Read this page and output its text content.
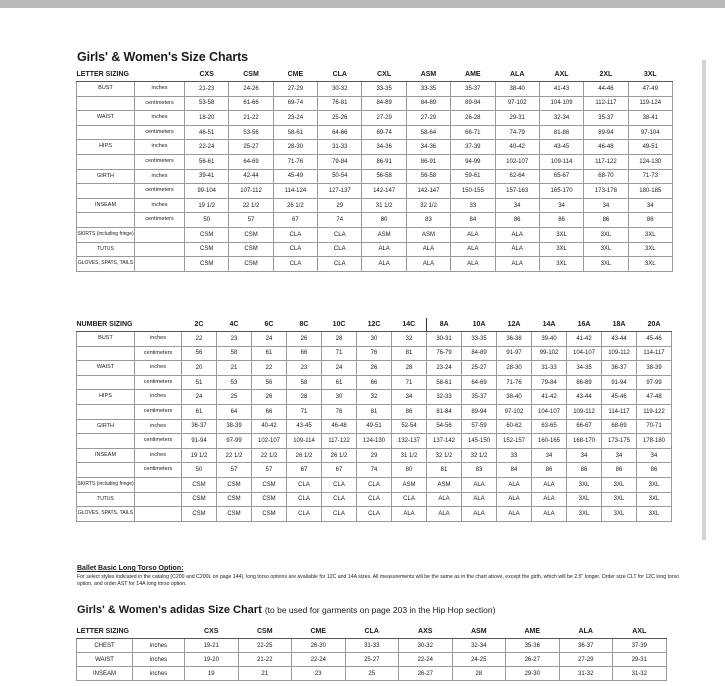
Girls' & Women's Size Charts
LETTER SIZING		CXS	CSM	CME	CLA	CXL	ASM	AME	ALA	AXL	2XL	3XL
BUST	inches	21-23	24-26	27-29	30-32	33-35	33-35	35-37	38-40	41-43	44-46	47-49
	centimeters	53-58	61-66	69-74	76-81	84-89	84-89	89-94	97-102	104-109	112-117	119-124
WAIST	inches	18-20	21-22	23-24	25-26	27-29	27-29	26-28	29-31	32-34	35-37	38-41
	centimeters	46-51	53-56	58-61	64-66	69-74	58-64	66-71	74-79	81-86	89-94	97-104
HIPS	inches	22-24	25-27	28-30	31-33	34-36	34-36	37-39	40-42	43-45	46-48	49-51
	centimeters	56-61	64-69	71-76	79-84	86-91	86-91	94-99	102-107	109-114	117-122	124-130
GIRTH	inches	39-41	42-44	45-49	50-54	56-58	56-58	59-61	62-64	65-67	68-70	71-73
	centimeters	99-104	107-112	114-124	127-137	142-147	142-147	150-155	157-163	165-170	173-178	180-185
INSEAM	inches	19 1/2	22 1/2	26 1/2	29	31 1/2	32 1/2	33	34	34	34	34
	centimeters	50	57	67	74	80	83	84	86	86	86	86
SKIRTS (including fringe)		CSM	CSM	CLA	CLA	ASM	ASM	ALA	ALA	3XL	3XL	3XL
TUTUS		CSM	CSM	CLA	CLA	ALA	ALA	ALA	ALA	3XL	3XL	3XL
GLOVES, SPATS, TAILS		CSM	CSM	CLA	CLA	ALA	ALA	ALA	ALA	3XL	3XL	3XL
NUMBER SIZING		2C	4C	6C	8C	10C	12C	14C	8A	10A	12A	14A	16A	18A	20A
BUST	inches	22	23	24	26	28	30	32	30-31	33-35	36-38	39-40	41-42	43-44	45-46
	centimeters	56	58	61	66	71	76	81	76-79	84-89	91-97	99-102	104-107	109-112	114-117
WAIST	inches	20	21	22	23	24	26	28	23-24	25-27	28-30	31-33	34-35	36-37	38-39
	centimeters	51	53	56	58	61	66	71	58-61	64-69	71-76	79-84	86-89	91-94	97-99
HIPS	inches	24	25	26	28	30	32	34	32-33	35-37	38-40	41-42	43-44	45-46	47-48
	centimeters	61	64	66	71	76	81	86	81-84	89-94	97-102	104-107	109-112	114-117	119-122
GIRTH	inches	36-37	38-39	40-42	43-45	46-48	49-51	52-54	54-56	57-59	60-62	63-65	66-67	68-69	70-71
	centimeters	91-94	97-99	102-107	109-114	117-122	124-130	132-137	137-142	145-150	152-157	160-165	168-170	173-175	178-180
INSEAM	inches	19 1/2	22 1/2	22 1/2	26 1/2	26 1/2	29	31 1/2	32 1/2	32 1/2	33	34	34	34	34
	centimeters	50	57	57	67	67	74	80	81	83	84	86	86	86	86
SKIRTS (including fringe)		CSM	CSM	CSM	CLA	CLA	CLA	ASM	ASM	ALA	ALA	ALA	3XL	3XL	3XL
TUTUS		CSM	CSM	CSM	CLA	CLA	CLA	CLA	ALA	ALA	ALA	ALA	3XL	3XL	3XL
GLOVES, SPATS, TAILS		CSM	CSM	CSM	CLA	CLA	CLA	ALA	ALA	ALA	ALA	ALA	3XL	3XL	3XL

Ballet Basic Long Torso Option:

For select styles indicated in the catalog (C200 and C200L on page 144), long torso options are available for 12C and 14A sizes. All measurements will be the same as in the chart above, except the girth, which will be 2.5" longer. Order size CLT for 12C long torso option, and order AST for 14A long torso option.

Girls' & Women's adidas Size Chart (to be used for garments on page 203 in the Hip Hop section)
LETTER SIZING		CXS	CSM	CME	CLA	AXS	ASM	AME	ALA	AXL
CHEST	inches	19-21	22-25	26-30	31-33	30-32	32-34	35-36	36-37	37-39
WAIST	inches	19-20	21-22	22-24	25-27	22-24	24-25	26-27	27-29	29-31
INSEAM	inches	19	21	23	25	26-27	28	29-30	31-32	31-32
